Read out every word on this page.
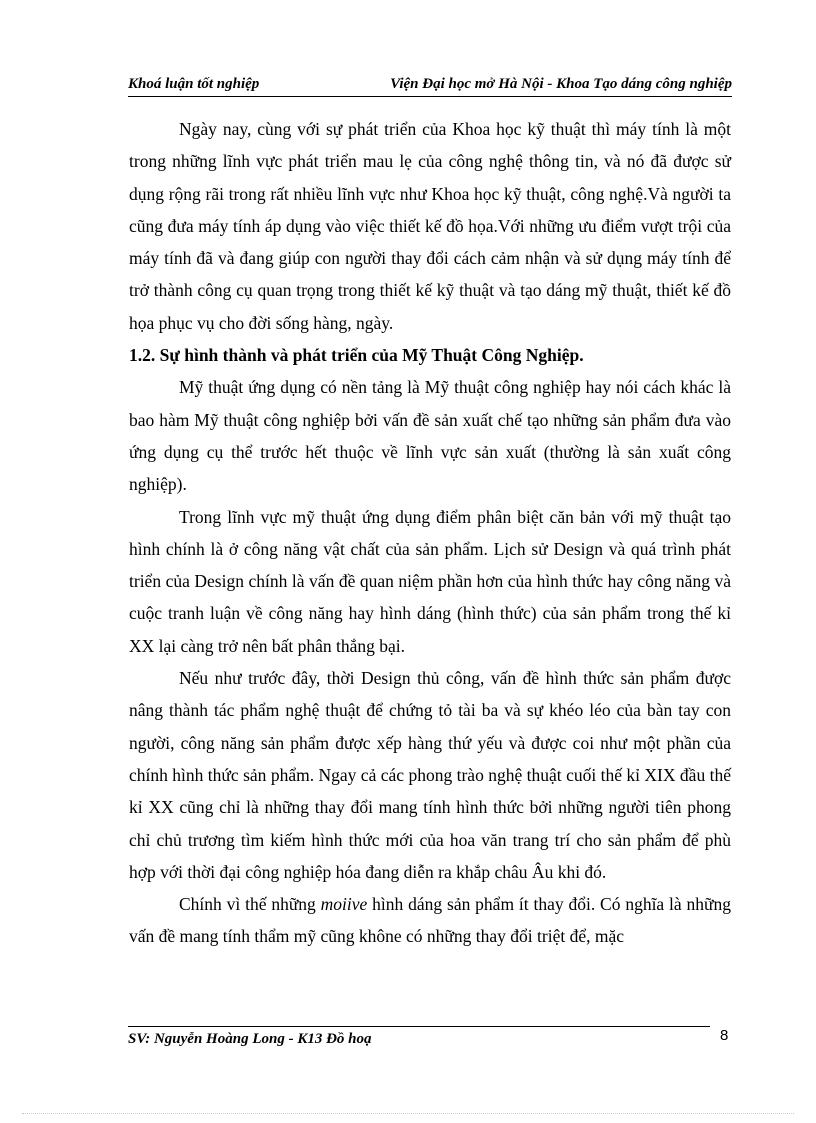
Khoá luận tốt nghiệp	Viện Đại học mở Hà Nội - Khoa Tạo dáng công nghiệp

Ngày nay, cùng với sự phát triển của Khoa học kỹ thuật thì máy tính là một trong những lĩnh vực phát triển mau lẹ của công nghệ thông tin, và nó đã được sử dụng rộng rãi trong rất nhiều lĩnh vực như Khoa học kỹ thuật, công nghệ.Và người ta cũng đưa máy tính áp dụng vào việc thiết kế đồ họa.Với những ưu điểm vượt trội của máy tính đã và đang giúp con người thay đổi cách cảm nhận và sử dụng máy tính để trở thành công cụ quan trọng trong thiết kế kỹ thuật và tạo dáng mỹ thuật, thiết kế đồ họa phục vụ cho đời sống hàng, ngày.

1.2. Sự hình thành và phát triển của Mỹ Thuật Công Nghiệp.

Mỹ thuật ứng dụng có nền tảng là Mỹ thuật công nghiệp hay nói cách khác là bao hàm Mỹ thuật công nghiệp bởi vấn đề sản xuất chế tạo những sản phẩm đưa vào ứng dụng cụ thể trước hết thuộc về lĩnh vực sản xuất (thường là sản xuất công nghiệp).

Trong lĩnh vực mỹ thuật ứng dụng điểm phân biệt căn bản với mỹ thuật tạo hình chính là ở công năng vật chất của sản phẩm. Lịch sử Design và quá trình phát triển của Design chính là vấn đề quan niệm phần hơn của hình thức hay công năng và cuộc tranh luận về công năng hay hình dáng (hình thức) của sản phẩm trong thế kỉ XX lại càng trở nên bất phân thắng bại.

Nếu như trước đây, thời Design thủ công, vấn đề hình thức sản phẩm được nâng thành tác phẩm nghệ thuật để chứng tỏ tài ba và sự khéo léo của bàn tay con người, công năng sản phẩm được xếp hàng thứ yếu và được coi như một phần của chính hình thức sản phẩm. Ngay cả các phong trào nghệ thuật cuối thế kỉ XIX đầu thế kỉ XX cũng chỉ là những thay đổi mang tính hình thức bởi những người tiên phong chỉ chủ trương tìm kiếm hình thức mới của hoa văn trang trí cho sản phẩm để phù hợp với thời đại công nghiệp hóa đang diễn ra khắp châu Âu khi đó.

Chính vì thế những moiive hình dáng sản phẩm ít thay đổi. Có nghĩa là những vấn đề mang tính thẩm mỹ cũng khône có những thay đổi triệt để, mặc

SV: Nguyễn Hoàng Long - K13 Đồ hoạ	8
